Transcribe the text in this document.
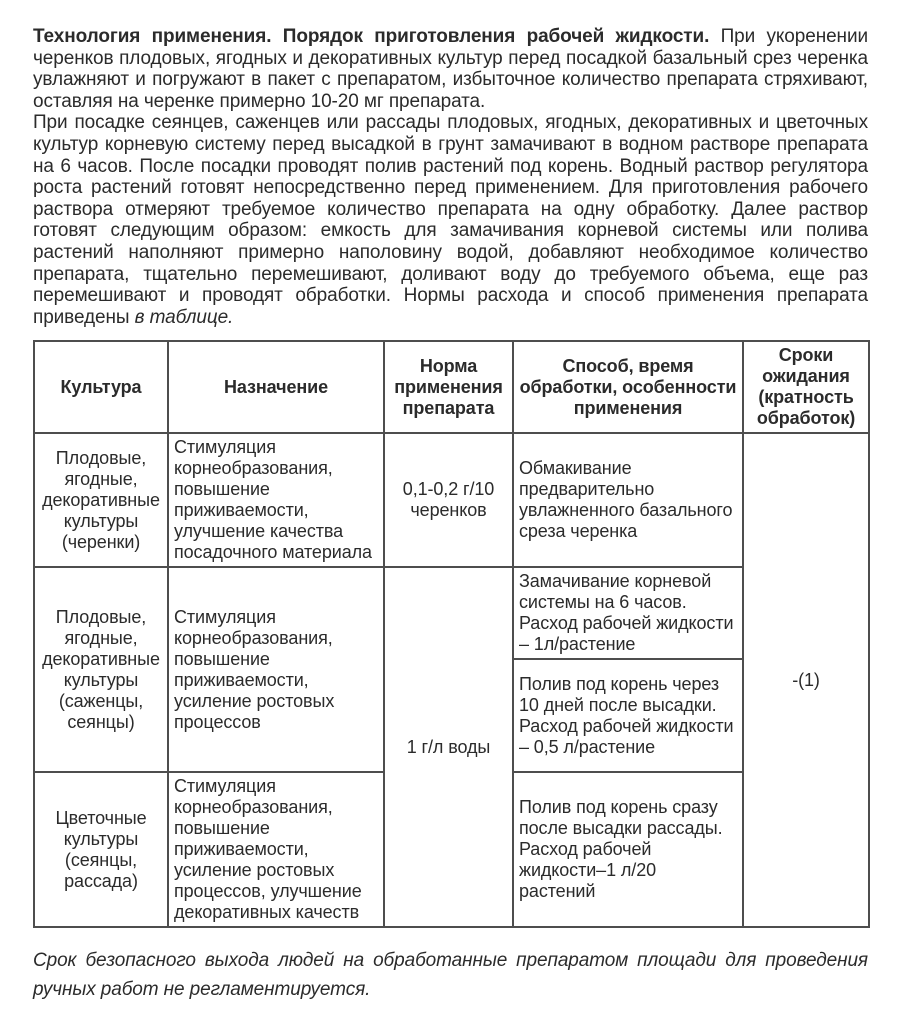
Технология применения. Порядок приготовления рабочей жидкости. При укоренении черенков плодовых, ягодных и декоративных культур перед посадкой базальный срез черенка увлажняют и погружают в пакет с препаратом, избыточное количество препарата стряхивают, оставляя на черенке примерно 10-20 мг препарата.

При посадке сеянцев, саженцев или рассады плодовых, ягодных, декоративных и цветочных культур корневую систему перед высадкой в грунт замачивают в водном растворе препарата на 6 часов. После посадки проводят полив растений под корень. Водный раствор регулятора роста растений готовят непосредственно перед применением. Для приготовления рабочего раствора отмеряют требуемое количество препарата на одну обработку. Далее раствор готовят следующим образом: емкость для замачивания корневой системы или полива растений наполняют примерно наполовину водой, добавляют необходимое количество препарата, тщательно перемешивают, доливают воду до требуемого объема, еще раз перемешивают и проводят обработки. Нормы расхода и способ применения препарата приведены в таблице.

Культура	Назначение	Норма применения препарата	Способ, время обработки, особенности применения	Сроки ожидания (кратность обработок)
Плодовые, ягодные, декоративные культуры (черенки)	Стимуляция корнеобразования, повышение приживаемости, улучшение качества посадочного материала	0,1-0,2 г/10 черенков	Обмакивание предварительно увлажненного базального среза черенка	-(1)
Плодовые, ягодные, декоративные культуры (саженцы, сеянцы)	Стимуляция корнеобразования, повышение приживаемости, усиление ростовых процессов	1 г/л воды	Замачивание корневой системы на 6 часов. Расход рабочей жидкости – 1л/растение	
			Полив под корень через 10 дней после высадки. Расход рабочей жидкости – 0,5 л/растение	
Цветочные культуры (сеянцы, рассада)	Стимуляция корнеобразования, повышение приживаемости, усиление ростовых процессов, улучшение декоративных качеств		Полив под корень сразу после высадки рассады. Расход рабочей жидкости–1 л/20 растений	

Срок безопасного выхода людей на обработанные препаратом площади для проведения ручных работ не регламентируется.
